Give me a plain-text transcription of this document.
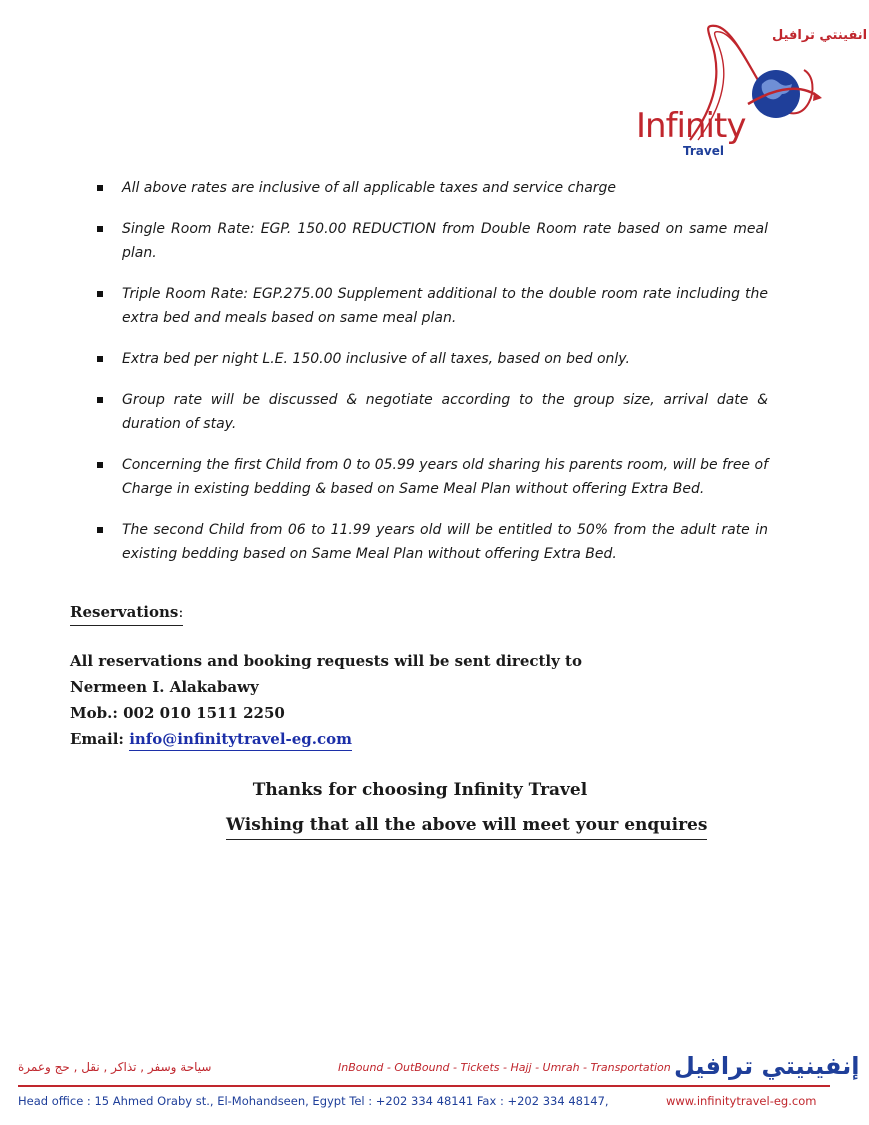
انفينتي ترافيل
Infinity
Travel
All above rates are inclusive of all applicable taxes and service charge
Single Room Rate: EGP. 150.00 REDUCTION from Double Room rate based on same meal plan.
Triple Room Rate: EGP.275.00 Supplement additional to the double room rate including the extra bed and meals based on same meal plan.
Extra bed per night L.E. 150.00 inclusive of all taxes, based on bed only.
Group rate will be discussed & negotiate according to the group size, arrival date & duration of stay.
Concerning the first Child from 0 to 05.99 years old sharing his parents room, will be free of Charge in existing bedding & based on Same Meal Plan without offering Extra Bed.
The second Child from 06 to 11.99 years old will be entitled to 50% from the adult rate in existing bedding based on Same Meal Plan without offering Extra Bed.
Reservations:
All reservations and booking requests will be sent directly to
Nermeen I. Alakabawy
Mob.: 002 010 1511 2250
Email: info@infinitytravel-eg.com
Thanks for choosing Infinity Travel
Wishing that all the above will meet your enquires
سياحة وسفر , تذاكر , نقل , حج وعمرة	InBound - OutBound - Tickets - Hajj - Umrah - Transportation إنفينيتي ترافيل
Head office : 15 Ahmed Oraby st., El-Mohandseen, Egypt Tel : +202 334 48141 Fax : +202 334 48147,	www.infinitytravel-eg.com
